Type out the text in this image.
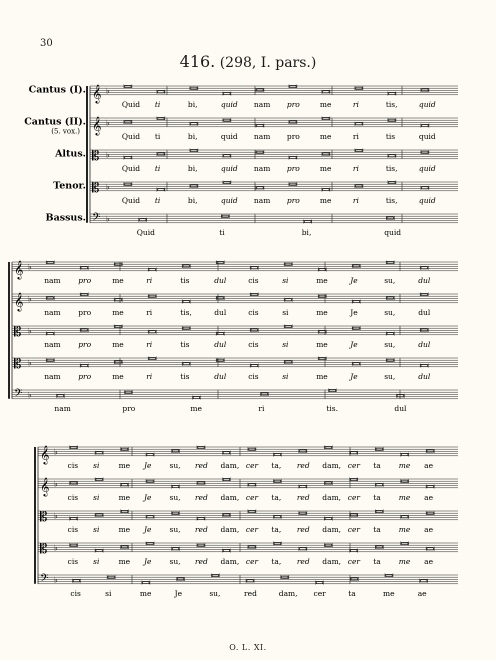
30
416. (298, I. pars.)
𝄞 ♭
Quid ti	bi,	quid nam pro	me	ri	tis,	quid
Cantus (I).
𝄞 ♭
Quid ti	bi,	quid nam pro	me	ri	tis	quid
Cantus (II).
(5. vox.)
𝄡 ♭
Quid ti	bi,	quid nam pro	me	ri	tis,	quid
Altus.
𝄡 ♭
Quid ti	bi,	quid nam pro	me	ri	tis,	quid
Tenor.
𝄢 ♭
Quid	ti	bi,	quid
Bassus.
𝄞 ♭
nam pro	me	ri	tis	dul	cis	si	me	Je	su,	dul
𝄞 ♭
nam pro	me	ri	tis,	dul	cis	si	me	Je	su,	dul
𝄡 ♭
nam pro	me	ri	tis	dul	cis	si	me	Je	su,	dul
𝄡 ♭
nam pro	me	ri	tis	dul	cis	si	me	Je	su,	dul
𝄢 ♭
nam	pro	me	ri	tis.	dul
𝄞 ♭
cis si	me Je su, red dam, cer ta, red dam, cer ta me ae
𝄞 ♭
cis si	me Je su, red dam, cer ta, red dam, cer ta me ae
𝄡 ♭
cis si	me Je su, red dam, cer ta, red dam, cer ta me ae
𝄡 ♭
cis si	me Je su, red dam, cer ta, red dam, cer ta me ae
𝄢 ♭
cis	si	me	Je	su,	red	dam, cer	ta	me	ae
O. L. XI.
